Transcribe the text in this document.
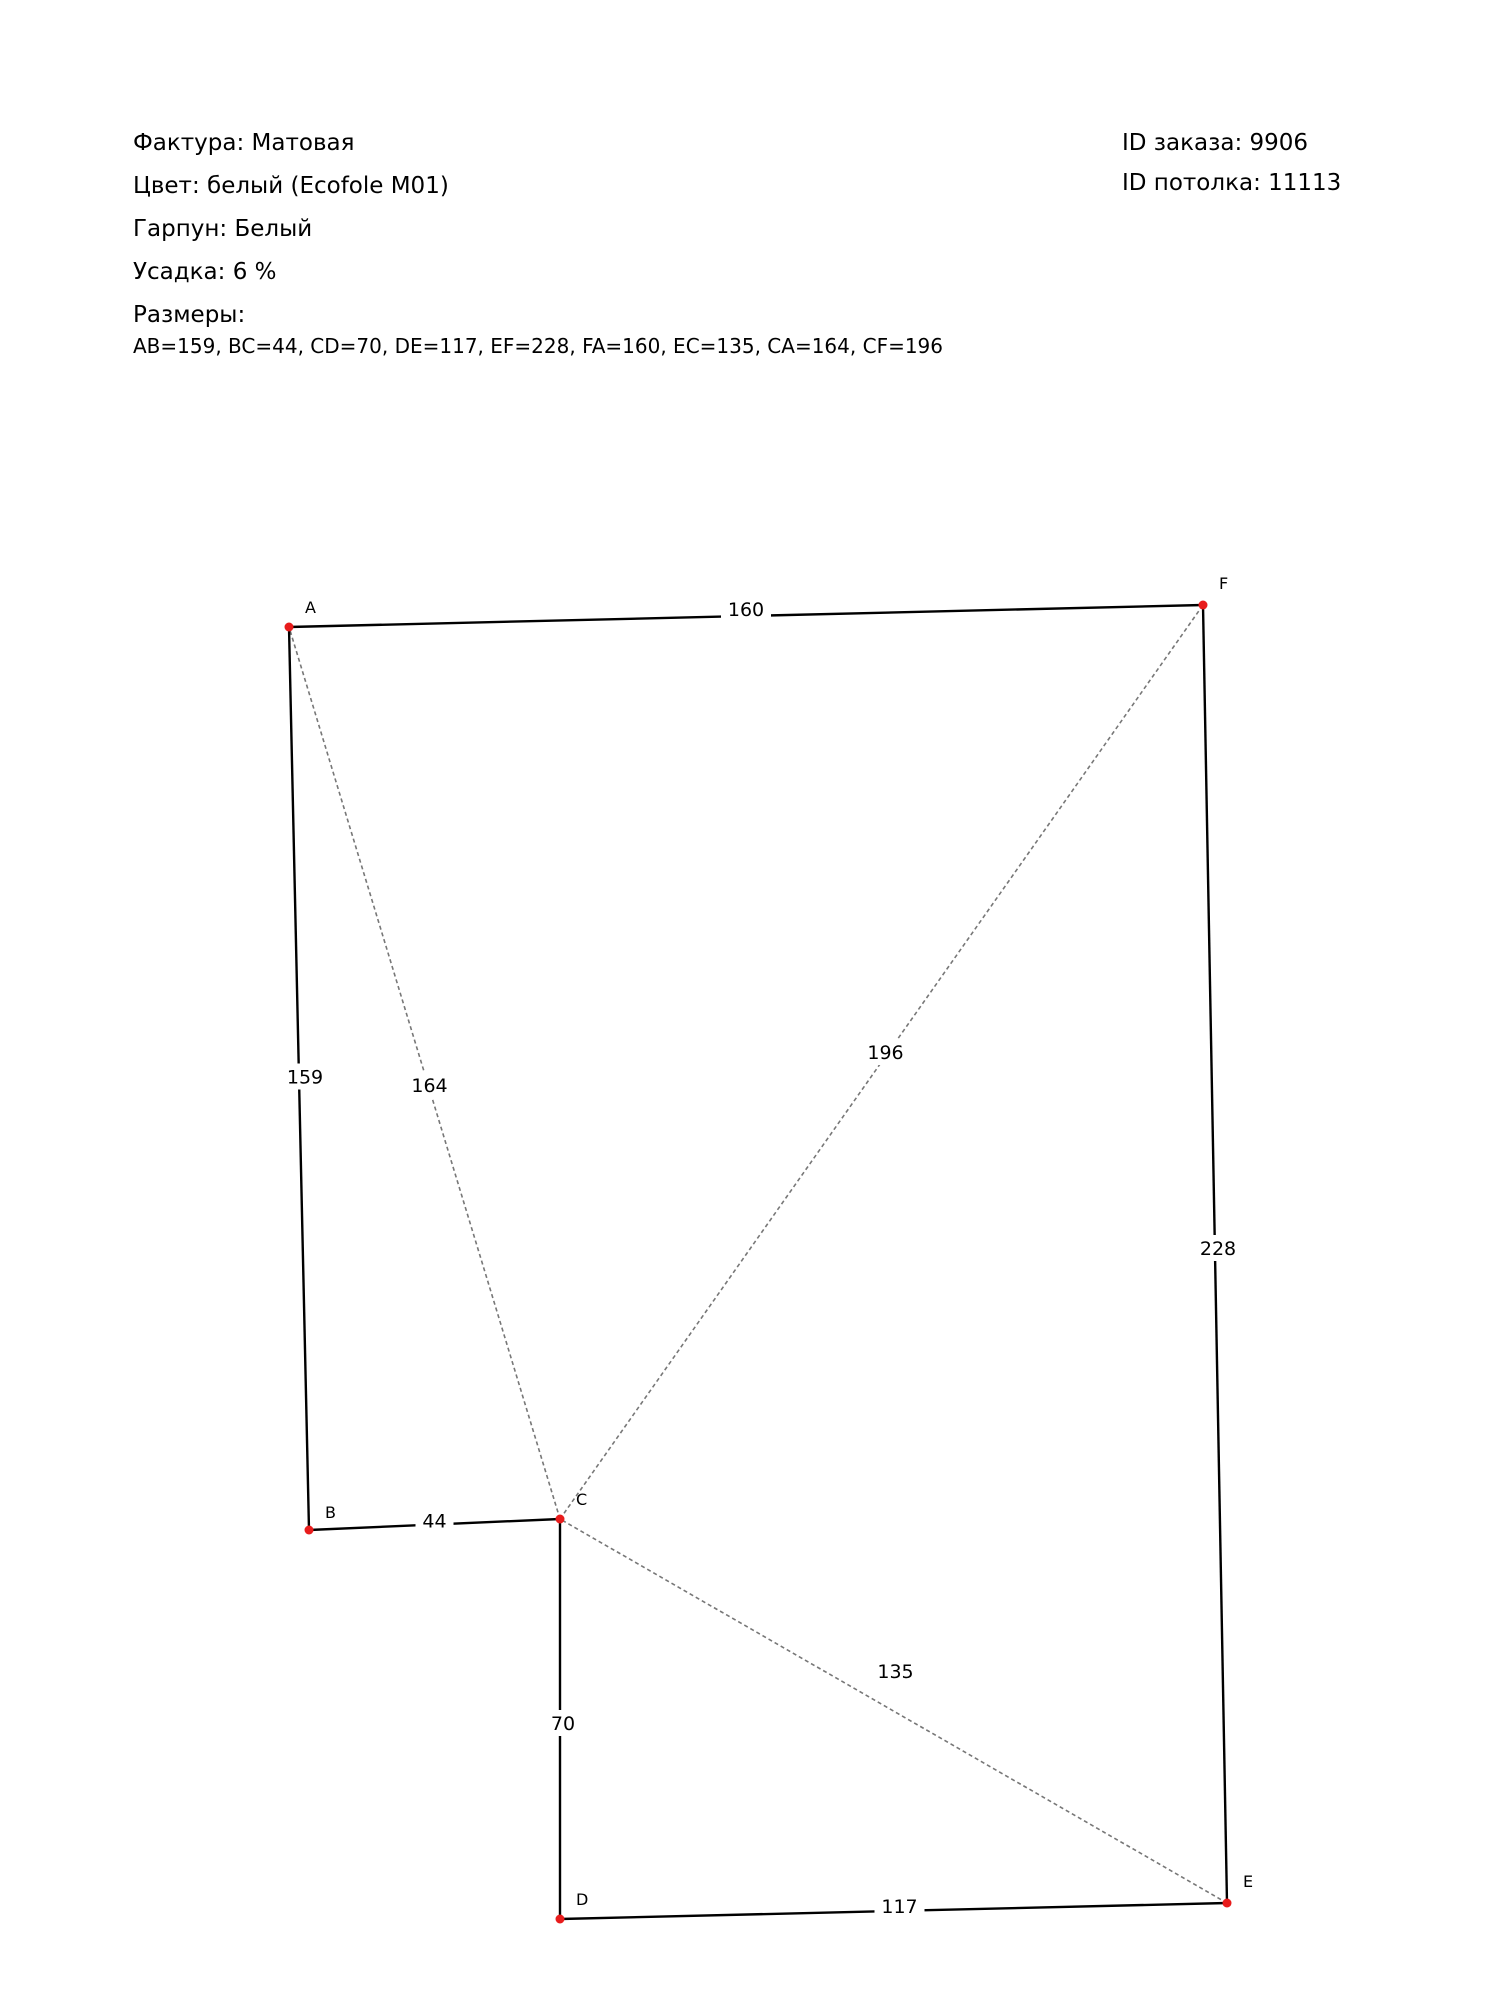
Фактура: Матовая
Цвет: белый (Ecofole M01)
Гарпун: Белый
Усадка: 6 %
Размеры:
AB=159, BC=44, CD=70, DE=117, EF=228, FA=160, EC=135, CA=164, CF=196
ID заказа: 9906
ID потолка: 11113
164
196
135
159
44
70
117
228
160
A
B
C
D
E
F
